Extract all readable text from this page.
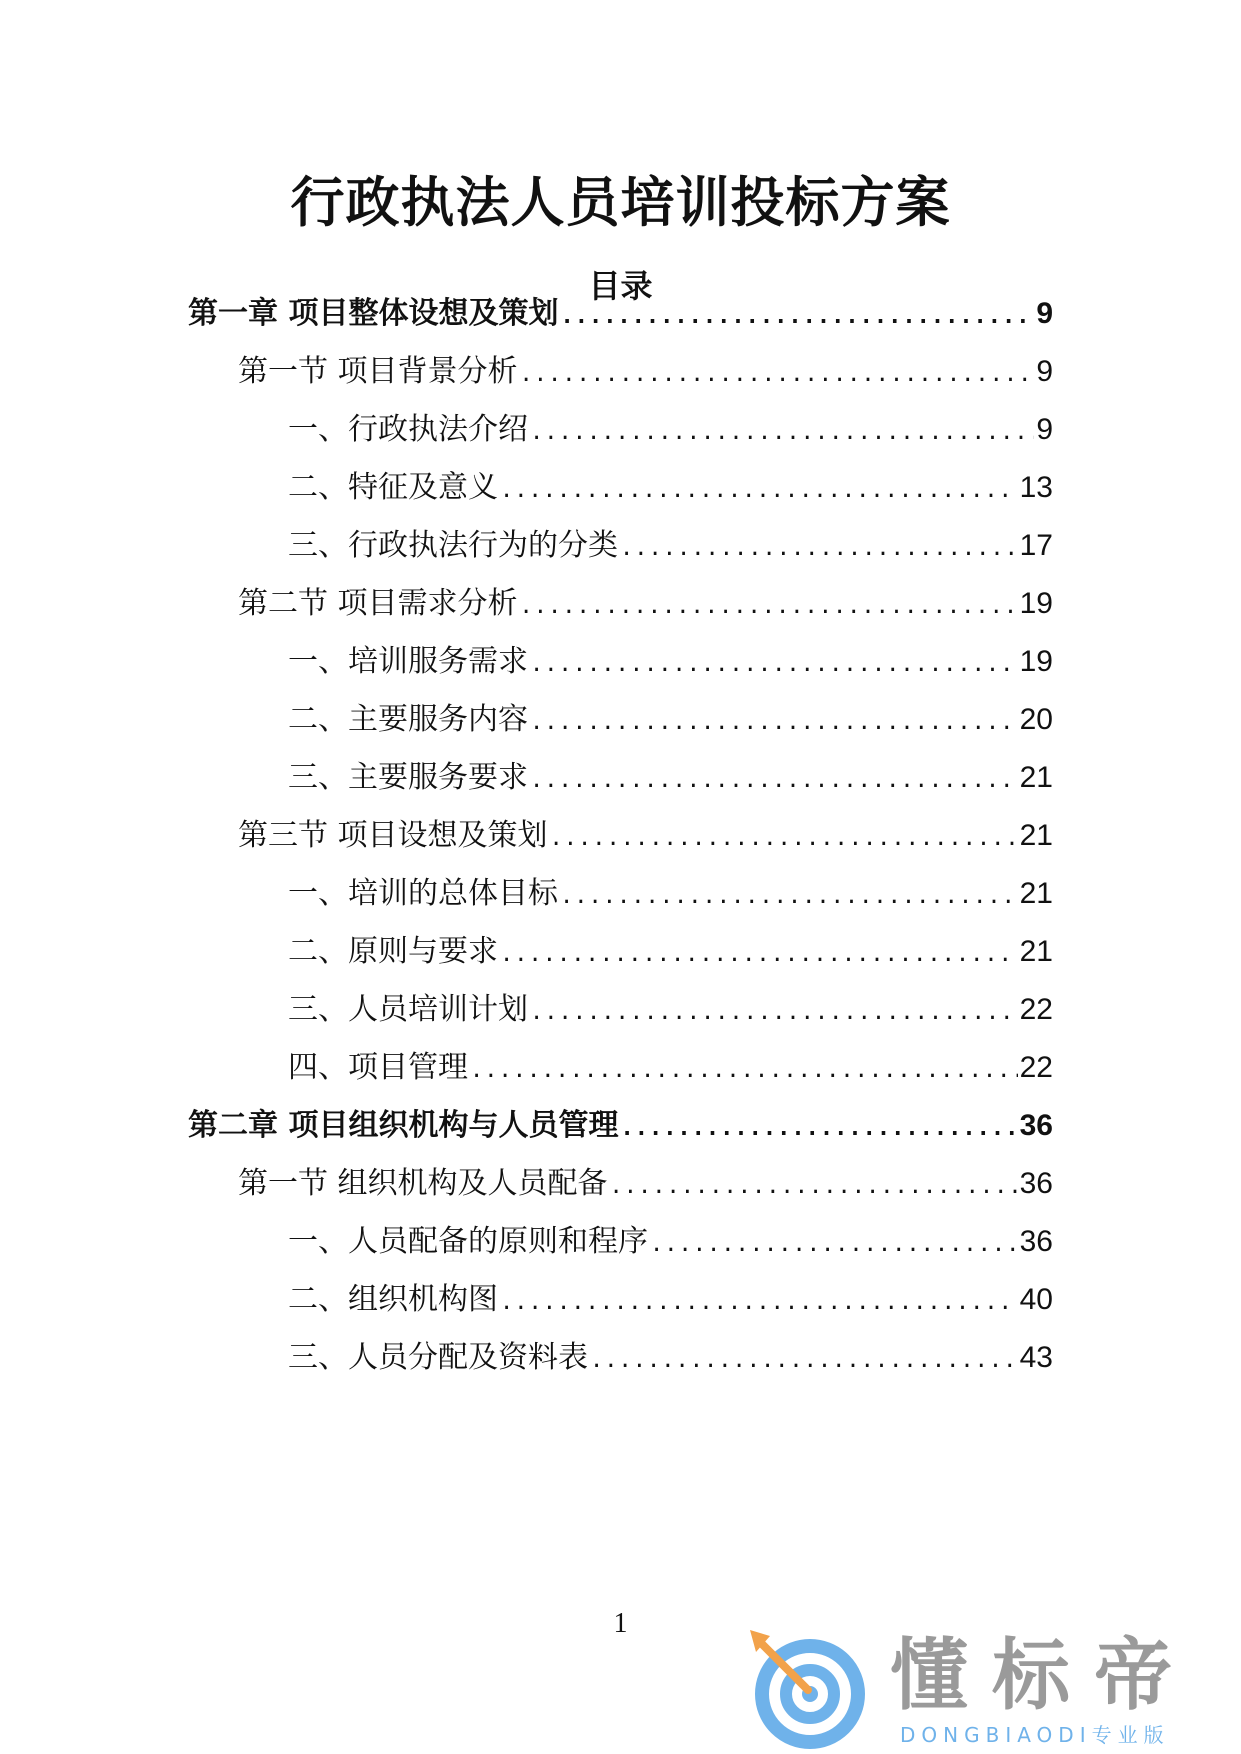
行政执法人员培训投标方案
目录
第一章 项目整体设想及策划 .....	9
第一节 项目背景分析 .....	9
一、行政执法介绍 .....	9
二、特征及意义 .....	13
三、行政执法行为的分类 .....	17
第二节 项目需求分析 .....	19
一、培训服务需求 .....	19
二、主要服务内容 .....	20
三、主要服务要求 .....	21
第三节 项目设想及策划 .....	21
一、培训的总体目标 .....	21
二、原则与要求 .....	21
三、人员培训计划 .....	22
四、项目管理 .....	22
第二章 项目组织机构与人员管理 .....	36
第一节 组织机构及人员配备 .....	36
一、人员配备的原则和程序 .....	36
二、组织机构图 .....	40
三、人员分配及资料表 .....	43
1
懂标帝
DONGBIAODI专业版
